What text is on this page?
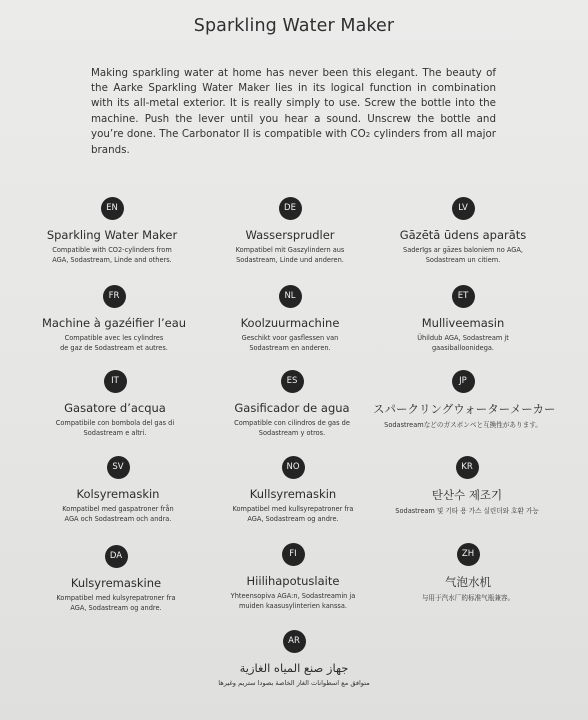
Sparkling Water Maker

Making sparkling water at home has never been this elegant. The beauty of the Aarke Sparkling Water Maker lies in its logical function in combination with its all-metal exterior. It is really simply to use. Screw the bottle into the machine. Push the lever until you hear a sound. Unscrew the bottle and you’re done. The Carbonator II is compatible with CO2 cylinders from all major brands.

EN
Sparkling Water Maker
Compatible with CO2-cylinders from
AGA, Sodastream, Linde and others.
DE
Wassersprudler
Kompatibel mit Gaszylindern aus
Sodastream, Linde und anderen.
LV
Gāzētā ūdens aparāts
Saderīgs ar gāzes baloniem no AGA,
Sodastream un citiem.
FR
Machine à gazéifier l’eau
Compatible avec les cylindres
de gaz de Sodastream et autres.
NL
Koolzuurmachine
Geschikt voor gasflessen van
Sodastream en anderen.
ET
Mulliveemasin
Ühildub AGA, Sodastream jt
gaasiballoonidega.
IT
Gasatore d’acqua
Compatibile con bombola del gas di
Sodastream e altri.
ES
Gasificador de agua
Compatible con cilindros de gas de
Sodastream y otros.
JP
スパークリングウォーターメーカー
Sodastreamなどのガスボンベと互換性があります。
SV
Kolsyremaskin
Kompatibel med gaspatroner från
AGA och Sodastream och andra.
NO
Kullsyremaskin
Kompatibel med kullsyrepatroner fra
AGA, Sodastream og andre.
KR
탄산수 제조기
Sodastream 및 기타 용 가스 실린더와 호환 가능
DA
Kulsyremaskine
Kompatibel med kulsyrepatroner fra
AGA, Sodastream og andre.
FI
Hiilihapotuslaite
Yhteensopiva AGA:n, Sodastreamin ja
muiden kaasusylinterien kanssa.
ZH
气泡水机
与用于汽水厂的标准气瓶兼容。
AR
جهاز صنع المياه الغازية
متوافق مع اسطوانات الغاز الخاصة بصودا ستريم وغيرها
